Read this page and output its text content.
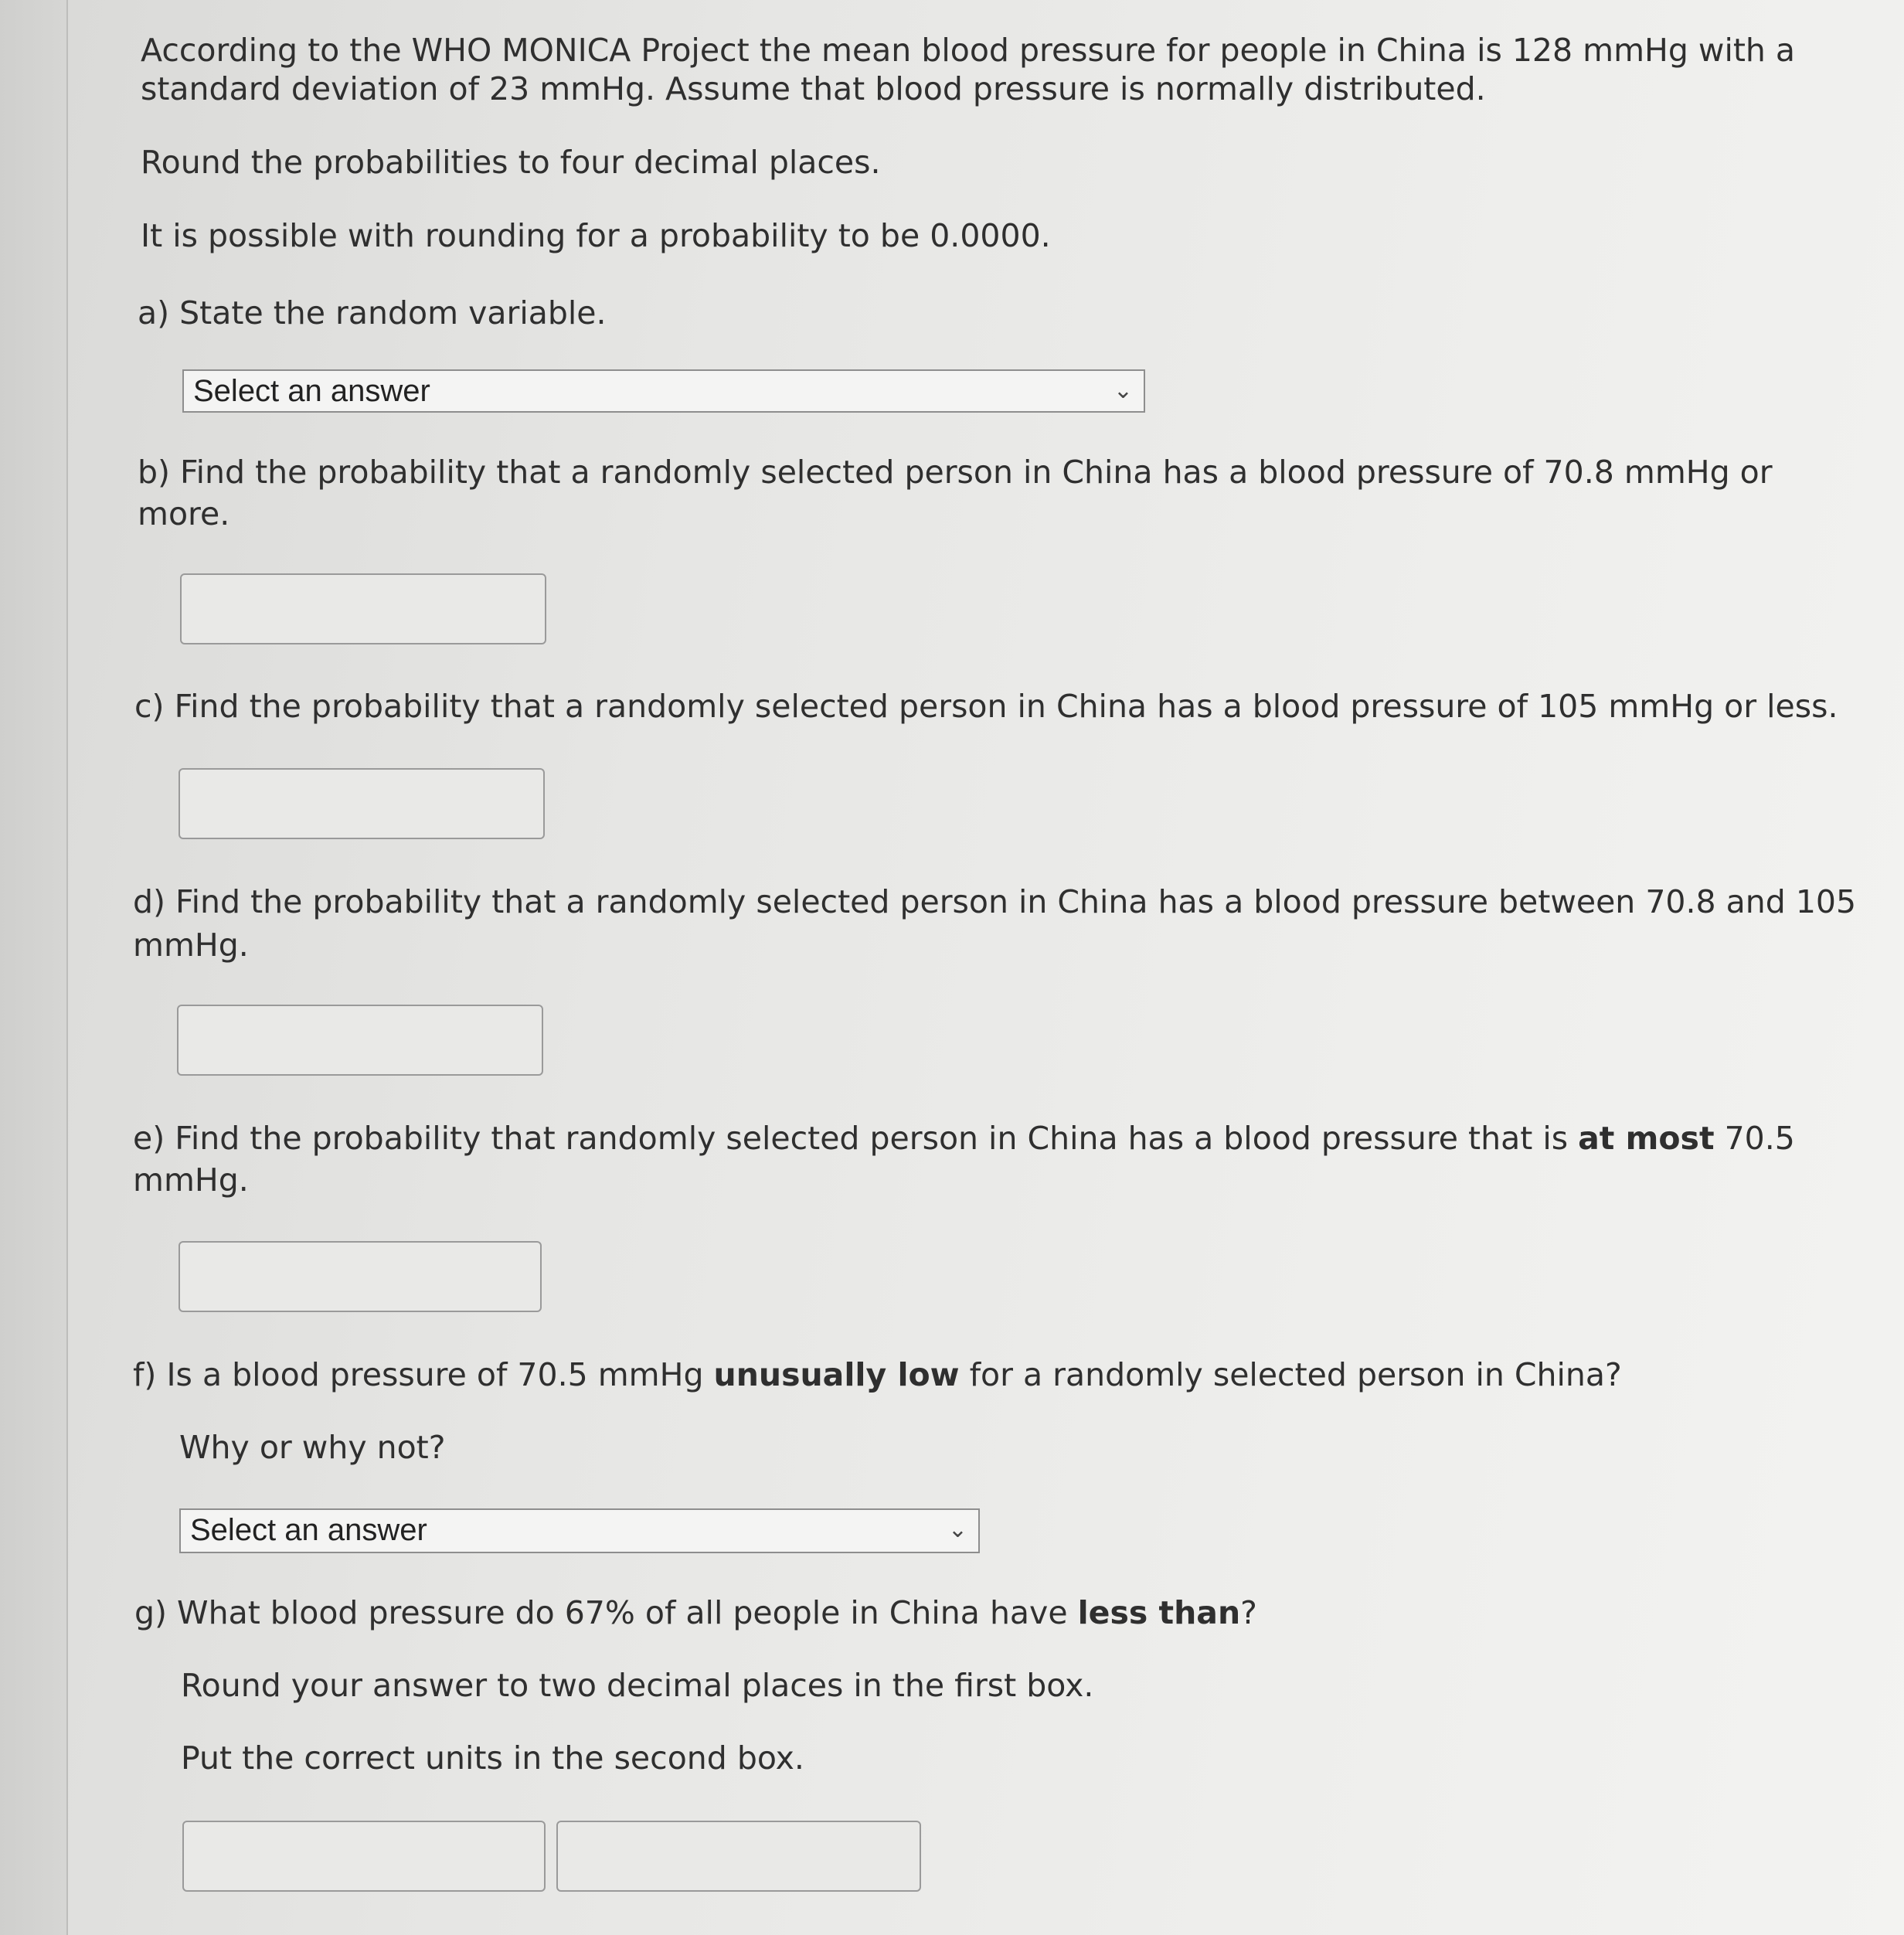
According to the WHO MONICA Project the mean blood pressure for people in China is 128 mmHg with a

standard deviation of 23 mmHg. Assume that blood pressure is normally distributed.

Round the probabilities to four decimal places.

It is possible with rounding for a probability to be 0.0000.

a) State the random variable.

Select an answer	⌄

b) Find the probability that a randomly selected person in China has a blood pressure of 70.8 mmHg or

more.

c) Find the probability that a randomly selected person in China has a blood pressure of 105 mmHg or less.

d) Find the probability that a randomly selected person in China has a blood pressure between 70.8 and 105

mmHg.

e) Find the probability that randomly selected person in China has a blood pressure that is at most 70.5

mmHg.

f) Is a blood pressure of 70.5 mmHg unusually low for a randomly selected person in China?

Why or why not?

Select an answer	⌄

g) What blood pressure do 67% of all people in China have less than?

Round your answer to two decimal places in the first box.

Put the correct units in the second box.
